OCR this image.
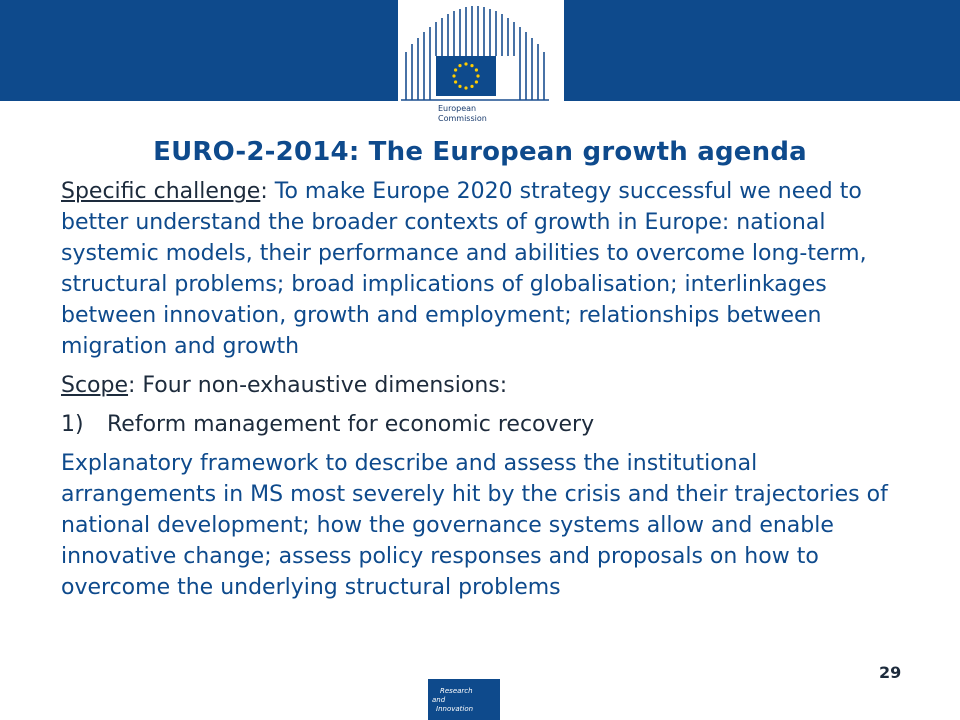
European
Commission
EURO-2-2014: The European growth agenda

Specific challenge: To make Europe 2020 strategy successful we need to better understand the broader contexts of growth in Europe: national systemic models, their performance and abilities to overcome long-term, structural problems; broad implications of globalisation; interlinkages between innovation, growth and employment; relationships between migration and growth

Scope: Four non-exhaustive dimensions:

1) Reform management for economic recovery

Explanatory framework to describe and assess the institutional arrangements in MS most severely hit by the crisis and their trajectories of national development; how the governance systems allow and enable innovative change; assess policy responses and proposals on how to overcome the underlying structural problems

29
Research
and
Innovation
